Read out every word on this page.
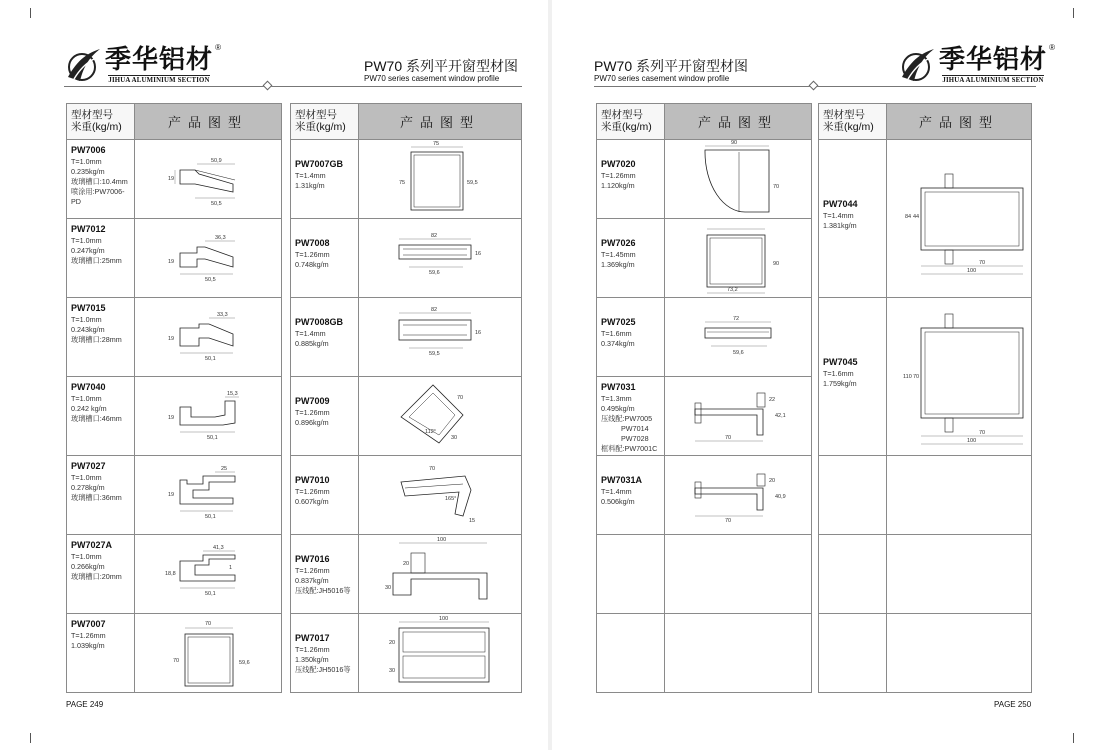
季华铝材
JIHUA ALUMINIUM SECTION
®
PW70 系列平开窗型材图
PW70 series casement window profile
PW70 系列平开窗型材图
PW70 series casement window profile
季华铝材
JIHUA ALUMINIUM SECTION
®
型材型号
米重(kg/m)	产品图型
PW7006
T=1.0mm
0.235kg/m
玻璃槽口:10.4mm
喷涂用:PW7006-PD
50,9
19
50,5
PW7012
T=1.0mm
0.247kg/m
玻璃槽口:25mm
36,3
19
50,5
PW7015
T=1.0mm
0.243kg/m
玻璃槽口:28mm
33,3
19
50,1
PW7040
T=1.0mm
0.242 kg/m
玻璃槽口:46mm
15,3
19
50,1
PW7027
T=1.0mm
0.278kg/m
玻璃槽口:36mm
25
19
50,1
PW7027A
T=1.0mm
0.266kg/m
玻璃槽口:20mm
41,3
18,8
50,1
1
PW7007
T=1.26mm
1.039kg/m
70
70	59,6
PAGE 249
型材型号
米重(kg/m)	产品图型
PW7007GB
T=1.4mm
1.31kg/m
75
75	59,5
PW7008
T=1.26mm
0.748kg/m
82
16
59,6
PW7008GB
T=1.4mm
0.885kg/m
82
16
59,5
PW7009
T=1.26mm
0.896kg/m
70
112°
30
PW7010
T=1.26mm
0.607kg/m
70
165°
15
PW7016
T=1.26mm
0.837kg/m
压线配:JH5016等
100
20
30
PW7017
T=1.26mm
1.350kg/m
压线配:JH5016等
100
20
30
型材型号
米重(kg/m)	产品图型
PW7020
T=1.26mm
1.120kg/m
90
70
PW7026
T=1.45mm
1.369kg/m	90
73,2
PW7025
T=1.6mm
0.374kg/m
72
59,6
PW7031
T=1.3mm
0.495kg/m
压线配:PW7005
PW7014
PW7028
框料配:PW7001C
22
42,1
70
PW7031A
T=1.4mm
0.506kg/m
20
40,9
70
型材型号
米重(kg/m)	产品图型
PW7044
T=1.4mm
1.381kg/m
84 44
70
100
PW7045
T=1.6mm
1.759kg/m
110 70
70
100
PAGE 250
